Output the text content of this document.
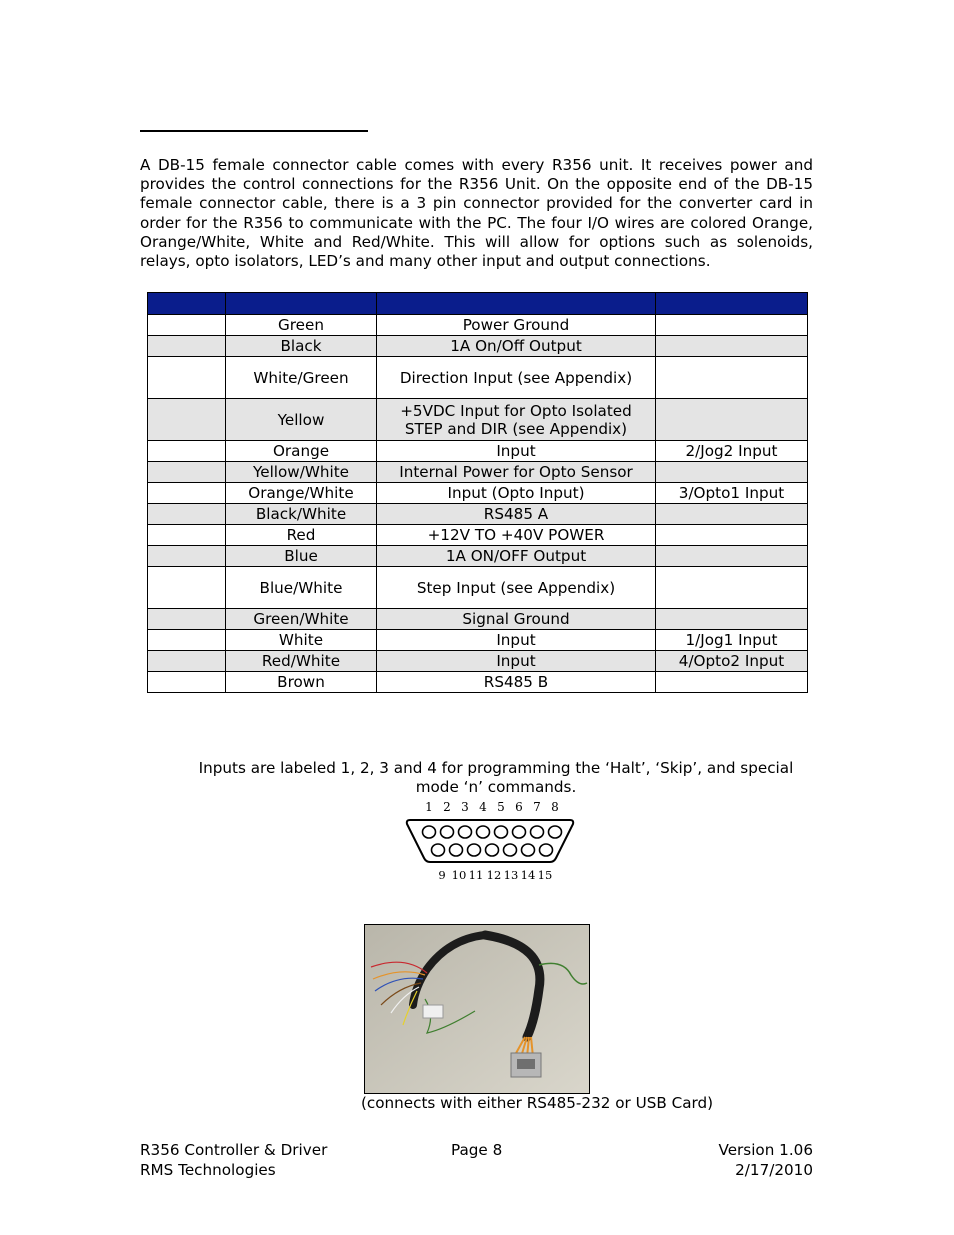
A DB-15 female connector cable comes with every R356 unit. It receives power and provides the control connections for the R356 Unit. On the opposite end of the DB-15 female connector cable, there is a 3 pin connector provided for the converter card in order for the R356 to communicate with the PC. The four I/O wires are colored Orange, Orange/White, White and Red/White. This will allow for options such as solenoids, relays, opto isolators, LED’s and many other input and output connections.

	Green	Power Ground	
	Black	1A On/Off Output	
	White/Green	Direction Input (see Appendix)	
	Yellow	+5VDC Input for Opto Isolated STEP and DIR (see Appendix)	
	Orange	Input	2/Jog2 Input
	Yellow/White	Internal Power for Opto Sensor	
	Orange/White	Input (Opto Input)	3/Opto1 Input
	Black/White	RS485 A	
	Red	+12V TO +40V POWER	
	Blue	1A ON/OFF Output	
	Blue/White	Step Input (see Appendix)	
	Green/White	Signal Ground	
	White	Input	1/Jog1 Input
	Red/White	Input	4/Opto2 Input
	Brown	RS485 B	

Inputs are labeled 1, 2, 3 and 4 for programming the ‘Halt’, ‘Skip’, and special mode ‘n’ commands.

1 2 3 4 5 6 7 8
9 10 11 12 13 14 15
(connects with either RS485-232 or USB Card)
R356 Controller & Driver
RMS Technologies
Page 8	Version 1.06
2/17/2010
